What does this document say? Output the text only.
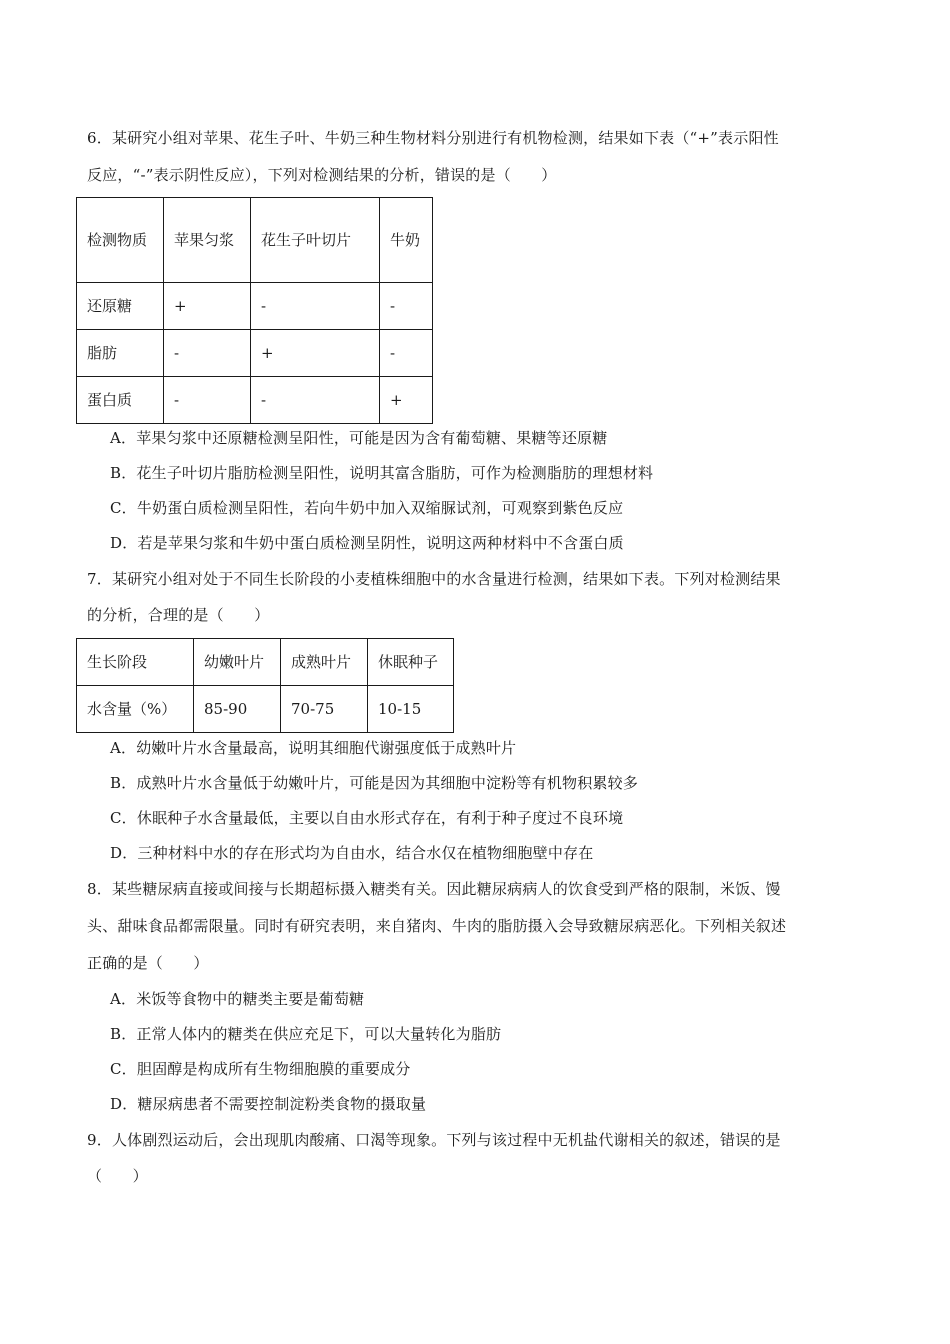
6．某研究小组对苹果、花生子叶、牛奶三种生物材料分别进行有机物检测，结果如下表（“+”表示阳性
反应，“-”表示阴性反应），下列对检测结果的分析，错误的是（　　）
检测物质	苹果匀浆	花生子叶切片	牛奶
还原糖	+	-	-
脂肪	-	+	-
蛋白质	-	-	+
A．苹果匀浆中还原糖检测呈阳性，可能是因为含有葡萄糖、果糖等还原糖
B．花生子叶切片脂肪检测呈阳性，说明其富含脂肪，可作为检测脂肪的理想材料
C．牛奶蛋白质检测呈阳性，若向牛奶中加入双缩脲试剂，可观察到紫色反应
D．若是苹果匀浆和牛奶中蛋白质检测呈阴性，说明这两种材料中不含蛋白质
7．某研究小组对处于不同生长阶段的小麦植株细胞中的水含量进行检测，结果如下表。下列对检测结果
的分析，合理的是（　　）
生长阶段	幼嫩叶片	成熟叶片	休眠种子
水含量（%）	85-90	70-75	10-15
A．幼嫩叶片水含量最高，说明其细胞代谢强度低于成熟叶片
B．成熟叶片水含量低于幼嫩叶片，可能是因为其细胞中淀粉等有机物积累较多
C．休眠种子水含量最低，主要以自由水形式存在，有利于种子度过不良环境
D．三种材料中水的存在形式均为自由水，结合水仅在植物细胞壁中存在
8．某些糖尿病直接或间接与长期超标摄入糖类有关。因此糖尿病病人的饮食受到严格的限制，米饭、馒
头、甜味食品都需限量。同时有研究表明，来自猪肉、牛肉的脂肪摄入会导致糖尿病恶化。下列相关叙述
正确的是（　　）
A．米饭等食物中的糖类主要是葡萄糖
B．正常人体内的糖类在供应充足下，可以大量转化为脂肪
C．胆固醇是构成所有生物细胞膜的重要成分
D．糖尿病患者不需要控制淀粉类食物的摄取量
9．人体剧烈运动后，会出现肌肉酸痛、口渴等现象。下列与该过程中无机盐代谢相关的叙述，错误的是
（　　）
